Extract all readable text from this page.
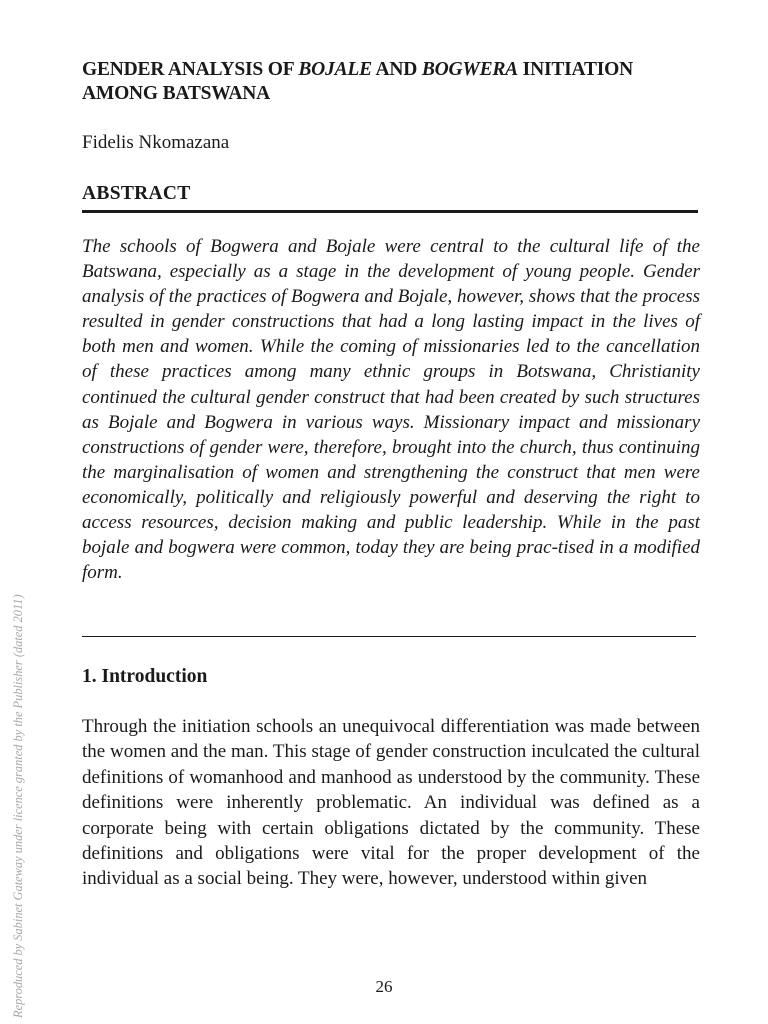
GENDER ANALYSIS OF BOJALE AND BOGWERA INITIATION AMONG BATSWANA

Fidelis Nkomazana

ABSTRACT

The schools of Bogwera and Bojale were central to the cultural life of the Batswana, especially as a stage in the development of young people. Gender analysis of the practices of Bogwera and Bojale, however, shows that the process resulted in gender constructions that had a long lasting impact in the lives of both men and women. While the coming of missionaries led to the cancellation of these practices among many ethnic groups in Botswana, Christianity continued the cultural gender construct that had been created by such structures as Bojale and Bogwera in various ways. Missionary impact and missionary constructions of gender were, therefore, brought into the church, thus continuing the marginalisation of women and strengthening the construct that men were economically, politically and religiously powerful and deserving the right to access resources, decision making and public leadership. While in the past bojale and bogwera were common, today they are being prac-tised in a modified form.

1. Introduction

Through the initiation schools an unequivocal differentiation was made between the women and the man. This stage of gender construction inculcated the cultural definitions of womanhood and manhood as understood by the community. These definitions were inherently problematic. An individual was defined as a corporate being with certain obligations dictated by the community. These definitions and obligations were vital for the proper development of the individual as a social being. They were, however, understood within given

26

Reproduced by Sabinet Gateway under licence granted by the Publisher (dated 2011)
